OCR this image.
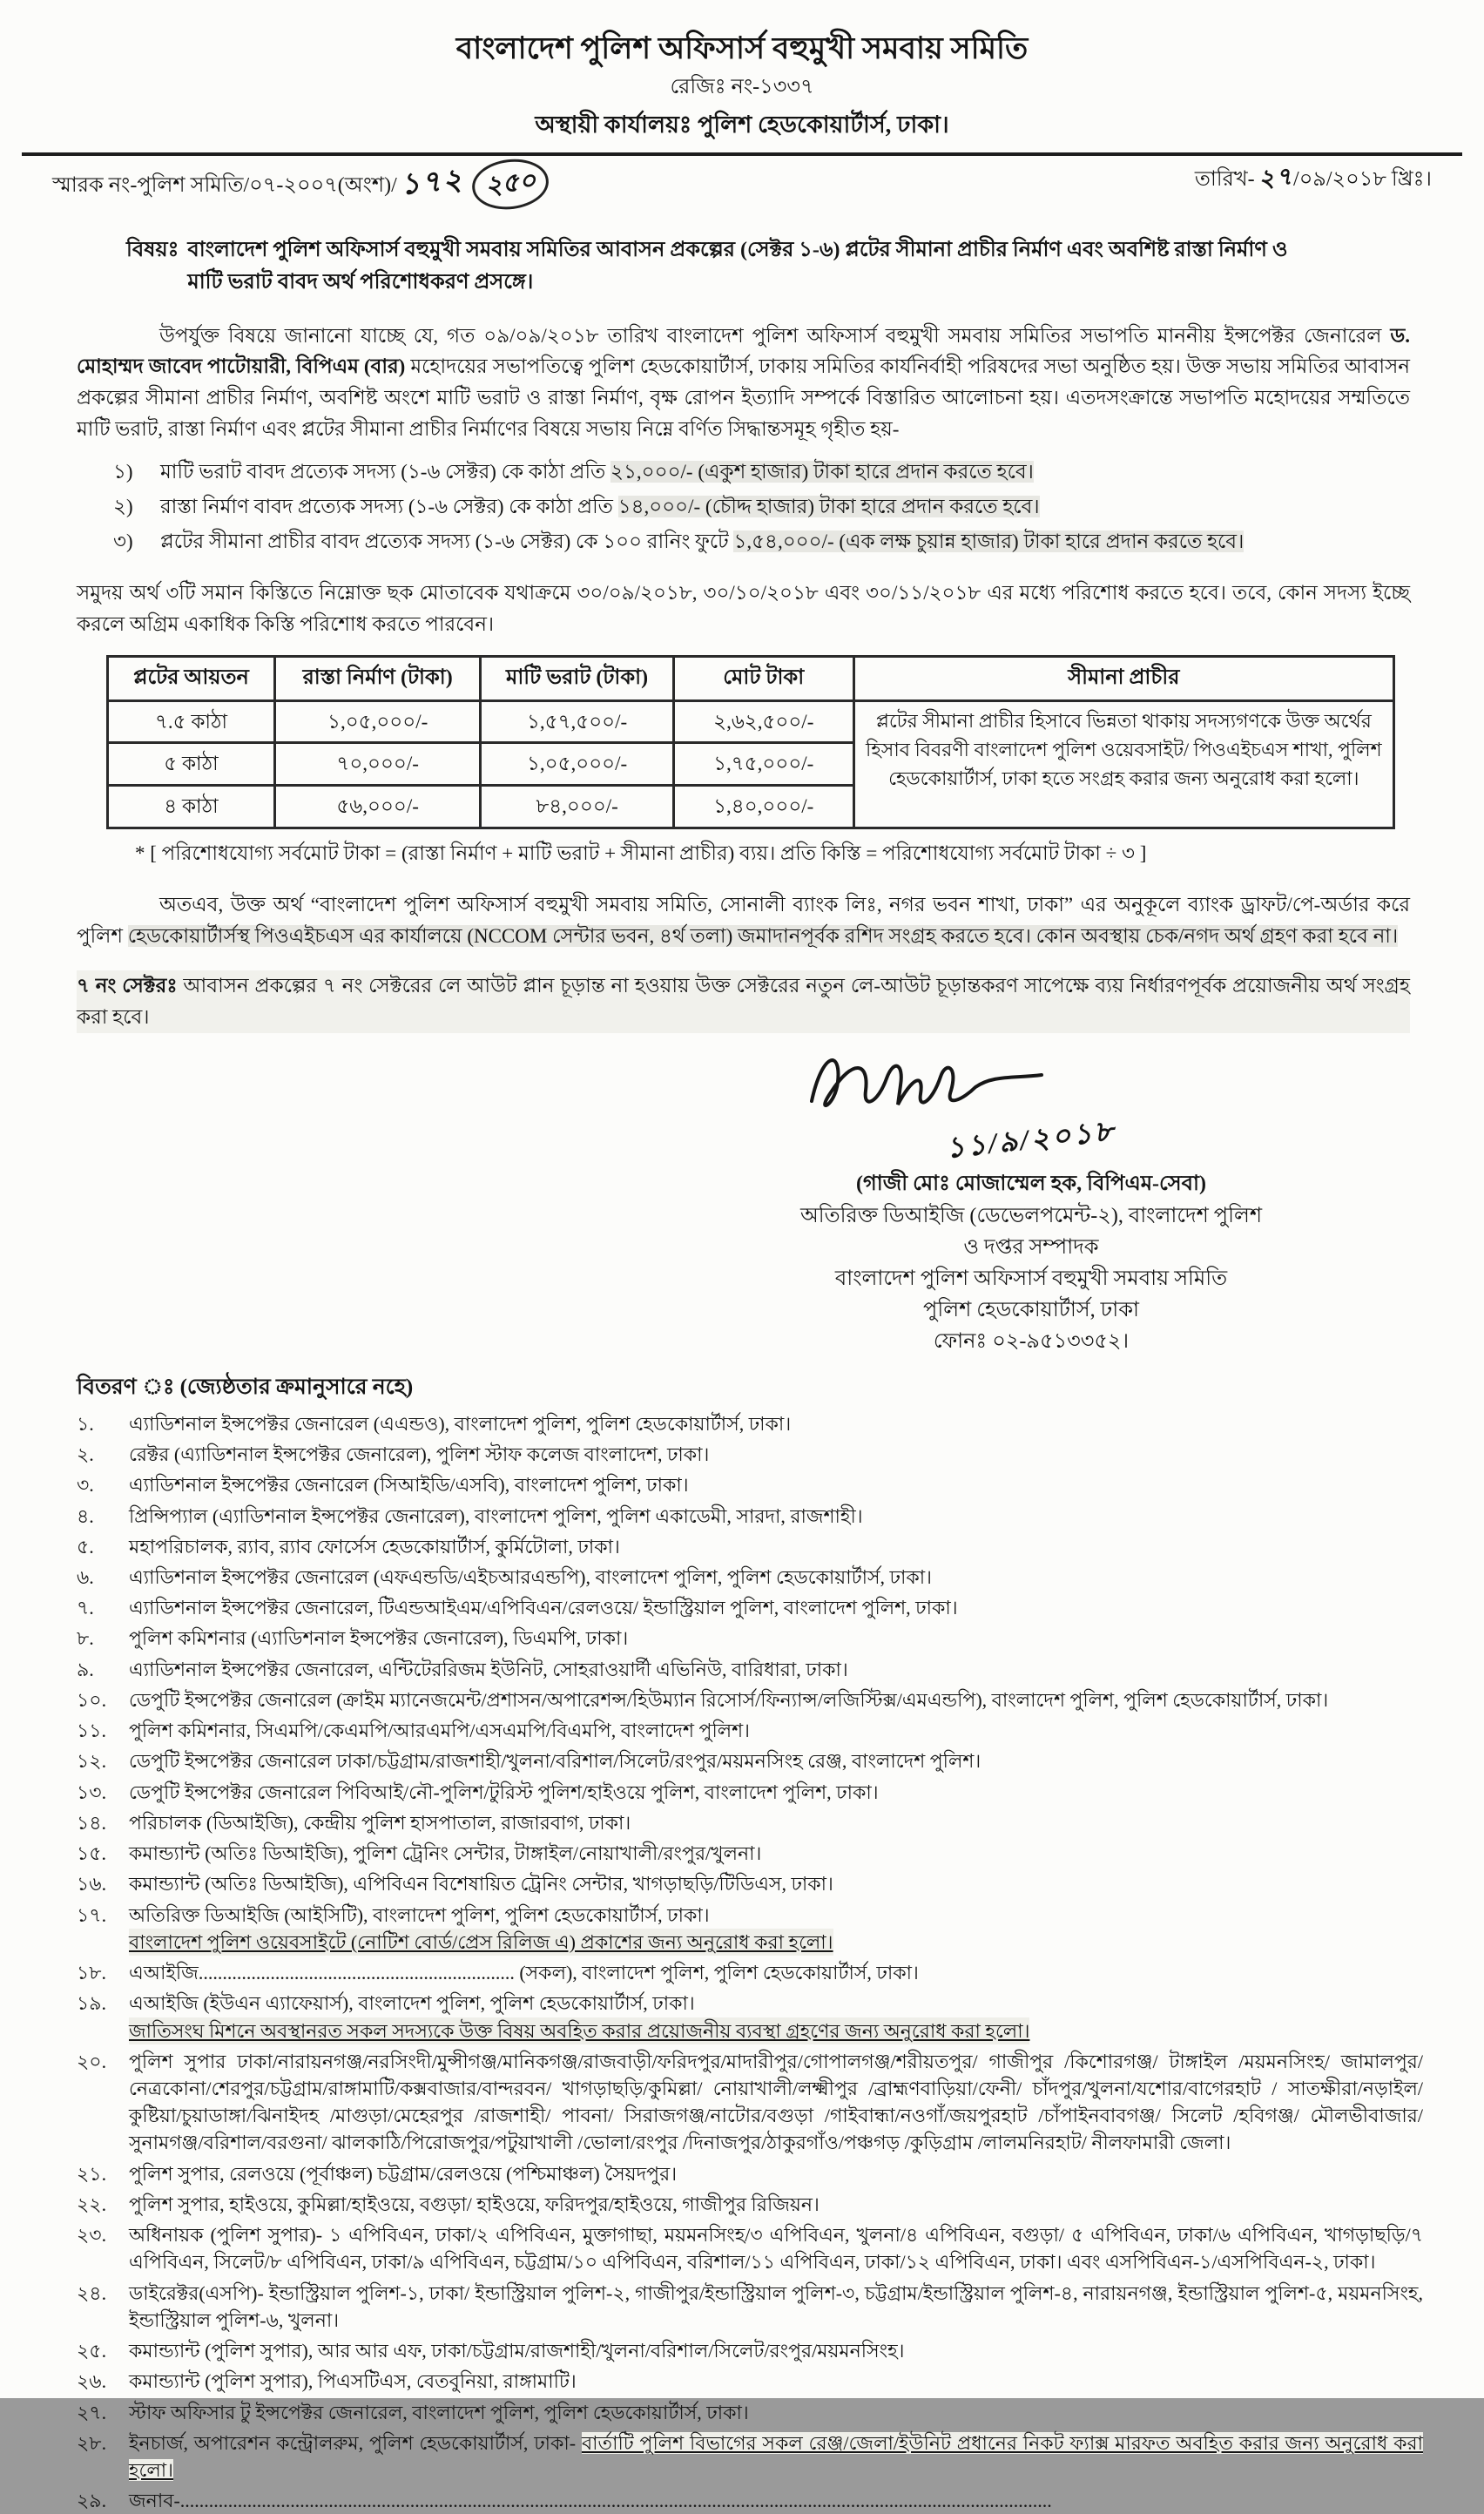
বাংলাদেশ পুলিশ অফিসার্স বহুমুখী সমবায় সমিতি
রেজিঃ নং-১৩৩৭
অস্থায়ী কার্যালয়ঃ পুলিশ হেডকোয়ার্টার্স, ঢাকা।
স্মারক নং-পুলিশ সমিতি/০৭-২০০৭(অংশ)/১৭২ ২৫০	তারিখ-২৭/০৯/২০১৮ খ্রিঃ।
বিষয়ঃ বাংলাদেশ পুলিশ অফিসার্স বহুমুখী সমবায় সমিতির আবাসন প্রকল্পের (সেক্টর ১-৬) প্লটের সীমানা প্রাচীর নির্মাণ এবং অবশিষ্ট রাস্তা নির্মাণ ও মাটি ভরাট বাবদ অর্থ পরিশোধকরণ প্রসঙ্গে।

উপর্যুক্ত বিষয়ে জানানো যাচ্ছে যে, গত ০৯/০৯/২০১৮ তারিখ বাংলাদেশ পুলিশ অফিসার্স বহুমুখী সমবায় সমিতির সভাপতি মাননীয় ইন্সপেক্টর জেনারেল ড. মোহাম্মদ জাবেদ পাটোয়ারী, বিপিএম (বার) মহোদয়ের সভাপতিত্বে পুলিশ হেডকোয়ার্টার্স, ঢাকায় সমিতির কার্যনির্বাহী পরিষদের সভা অনুষ্ঠিত হয়। উক্ত সভায় সমিতির আবাসন প্রকল্পের সীমানা প্রাচীর নির্মাণ, অবশিষ্ট অংশে মাটি ভরাট ও রাস্তা নির্মাণ, বৃক্ষ রোপন ইত্যাদি সম্পর্কে বিস্তারিত আলোচনা হয়। এতদসংক্রান্তে সভাপতি মহোদয়ের সম্মতিতে মাটি ভরাট, রাস্তা নির্মাণ এবং প্লটের সীমানা প্রাচীর নির্মাণের বিষয়ে সভায় নিম্নে বর্ণিত সিদ্ধান্তসমূহ গৃহীত হয়-

১)	মাটি ভরাট বাবদ প্রত্যেক সদস্য (১-৬ সেক্টর) কে কাঠা প্রতি ২১,০০০/- (একুশ হাজার) টাকা হারে প্রদান করতে হবে।
২)	রাস্তা নির্মাণ বাবদ প্রত্যেক সদস্য (১-৬ সেক্টর) কে কাঠা প্রতি ১৪,০০০/- (চৌদ্দ হাজার) টাকা হারে প্রদান করতে হবে।
৩)	প্লটের সীমানা প্রাচীর বাবদ প্রত্যেক সদস্য (১-৬ সেক্টর) কে ১০০ রানিং ফুটে ১,৫৪,০০০/- (এক লক্ষ চুয়ান্ন হাজার) টাকা হারে প্রদান করতে হবে।

সমুদয় অর্থ ৩টি সমান কিস্তিতে নিম্নোক্ত ছক মোতাবেক যথাক্রমে ৩০/০৯/২০১৮, ৩০/১০/২০১৮ এবং ৩০/১১/২০১৮ এর মধ্যে পরিশোধ করতে হবে। তবে, কোন সদস্য ইচ্ছে করলে অগ্রিম একাধিক কিস্তি পরিশোধ করতে পারবেন।

প্লটের আয়তন	রাস্তা নির্মাণ (টাকা)	মাটি ভরাট (টাকা)	মোট টাকা	সীমানা প্রাচীর
৭.৫ কাঠা	১,০৫,০০০/-	১,৫৭,৫০০/-	২,৬২,৫০০/-	প্লটের সীমানা প্রাচীর হিসাবে ভিন্নতা থাকায় সদস্যগণকে উক্ত অর্থের হিসাব বিবরণী বাংলাদেশ পুলিশ ওয়েবসাইট/ পিওএইচএস শাখা, পুলিশ হেডকোয়ার্টার্স, ঢাকা হতে সংগ্রহ করার জন্য অনুরোধ করা হলো।
৫ কাঠা	৭০,০০০/-	১,০৫,০০০/-	১,৭৫,০০০/-	
৪ কাঠা	৫৬,০০০/-	৮৪,০০০/-	১,৪০,০০০/-	
* [ পরিশোধযোগ্য সর্বমোট টাকা = (রাস্তা নির্মাণ + মাটি ভরাট + সীমানা প্রাচীর) ব্যয়। প্রতি কিস্তি = পরিশোধযোগ্য সর্বমোট টাকা ÷ ৩ ]

অতএব, উক্ত অর্থ “বাংলাদেশ পুলিশ অফিসার্স বহুমুখী সমবায় সমিতি, সোনালী ব্যাংক লিঃ, নগর ভবন শাখা, ঢাকা” এর অনুকূলে ব্যাংক ড্রাফট/পে-অর্ডার করে পুলিশ হেডকোয়ার্টার্সস্থ পিওএইচএস এর কার্যালয়ে (NCCOM সেন্টার ভবন, ৪র্থ তলা) জমাদানপূর্বক রশিদ সংগ্রহ করতে হবে। কোন অবস্থায় চেক/নগদ অর্থ গ্রহণ করা হবে না।

৭ নং সেক্টরঃ আবাসন প্রকল্পের ৭ নং সেক্টরের লে আউট প্লান চূড়ান্ত না হওয়ায় উক্ত সেক্টরের নতুন লে-আউট চূড়ান্তকরণ সাপেক্ষে ব্যয় নির্ধারণপূর্বক প্রয়োজনীয় অর্থ সংগ্রহ করা হবে।

১১/৯/২০১৮
(গাজী মোঃ মোজাম্মেল হক, বিপিএম-সেবা)
অতিরিক্ত ডিআইজি (ডেভেলপমেন্ট-২), বাংলাদেশ পুলিশ
ও দপ্তর সম্পাদক
বাংলাদেশ পুলিশ অফিসার্স বহুমুখী সমবায় সমিতি
পুলিশ হেডকোয়ার্টার্স, ঢাকা
ফোনঃ ০২-৯৫১৩৩৫২।
বিতরণ ঃ (জ্যেষ্ঠতার ক্রমানুসারে নহে)
১.	এ্যাডিশনাল ইন্সপেক্টর জেনারেল (এএন্ডও), বাংলাদেশ পুলিশ, পুলিশ হেডকোয়ার্টার্স, ঢাকা।
২.	রেক্টর (এ্যাডিশনাল ইন্সপেক্টর জেনারেল), পুলিশ স্টাফ কলেজ বাংলাদেশ, ঢাকা।
৩.	এ্যাডিশনাল ইন্সপেক্টর জেনারেল (সিআইডি/এসবি), বাংলাদেশ পুলিশ, ঢাকা।
৪.	প্রিন্সিপ্যাল (এ্যাডিশনাল ইন্সপেক্টর জেনারেল), বাংলাদেশ পুলিশ, পুলিশ একাডেমী, সারদা, রাজশাহী।
৫.	মহাপরিচালক, র‌্যাব, র‌্যাব ফোর্সেস হেডকোয়ার্টার্স, কুর্মিটোলা, ঢাকা।
৬.	এ্যাডিশনাল ইন্সপেক্টর জেনারেল (এফএন্ডডি/এইচআরএন্ডপি), বাংলাদেশ পুলিশ, পুলিশ হেডকোয়ার্টার্স, ঢাকা।
৭.	এ্যাডিশনাল ইন্সপেক্টর জেনারেল, টিএন্ডআইএম/এপিবিএন/রেলওয়ে/ ইন্ডাস্ট্রিয়াল পুলিশ, বাংলাদেশ পুলিশ, ঢাকা।
৮.	পুলিশ কমিশনার (এ্যাডিশনাল ইন্সপেক্টর জেনারেল), ডিএমপি, ঢাকা।
৯.	এ্যাডিশনাল ইন্সপেক্টর জেনারেল, এন্টিটেররিজম ইউনিট, সোহরাওয়ার্দী এভিনিউ, বারিধারা, ঢাকা।
১০.	ডেপুটি ইন্সপেক্টর জেনারেল (ক্রাইম ম্যানেজমেন্ট/প্রশাসন/অপারেশন্স/হিউম্যান রিসোর্স/ফিন্যান্স/লজিস্টিক্স/এমএন্ডপি), বাংলাদেশ পুলিশ, পুলিশ হেডকোয়ার্টার্স, ঢাকা।
১১.	পুলিশ কমিশনার, সিএমপি/কেএমপি/আরএমপি/এসএমপি/বিএমপি, বাংলাদেশ পুলিশ।
১২.	ডেপুটি ইন্সপেক্টর জেনারেল ঢাকা/চট্টগ্রাম/রাজশাহী/খুলনা/বরিশাল/সিলেট/রংপুর/ময়মনসিংহ রেঞ্জ, বাংলাদেশ পুলিশ।
১৩.	ডেপুটি ইন্সপেক্টর জেনারেল পিবিআই/নৌ-পুলিশ/টুরিস্ট পুলিশ/হাইওয়ে পুলিশ, বাংলাদেশ পুলিশ, ঢাকা।
১৪.	পরিচালক (ডিআইজি), কেন্দ্রীয় পুলিশ হাসপাতাল, রাজারবাগ, ঢাকা।
১৫.	কমান্ড্যান্ট (অতিঃ ডিআইজি), পুলিশ ট্রেনিং সেন্টার, টাঙ্গাইল/নোয়াখালী/রংপুর/খুলনা।
১৬.	কমান্ড্যান্ট (অতিঃ ডিআইজি), এপিবিএন বিশেষায়িত ট্রেনিং সেন্টার, খাগড়াছড়ি/টিডিএস, ঢাকা।
১৭.	অতিরিক্ত ডিআইজি (আইসিটি), বাংলাদেশ পুলিশ, পুলিশ হেডকোয়ার্টার্স, ঢাকা।
বাংলাদেশ পুলিশ ওয়েবসাইটে (নোটিশ বোর্ড/প্রেস রিলিজ এ) প্রকাশের জন্য অনুরোধ করা হলো।
১৮.	এআইজি.................................................................. (সকল), বাংলাদেশ পুলিশ, পুলিশ হেডকোয়ার্টার্স, ঢাকা।
১৯.	এআইজি (ইউএন এ্যাফেয়ার্স), বাংলাদেশ পুলিশ, পুলিশ হেডকোয়ার্টার্স, ঢাকা।
জাতিসংঘ মিশনে অবস্থানরত সকল সদস্যকে উক্ত বিষয় অবহিত করার প্রয়োজনীয় ব্যবস্থা গ্রহণের জন্য অনুরোধ করা হলো।
২০.	পুলিশ সুপার ঢাকা/নারায়নগঞ্জ/নরসিংদী/মুন্সীগঞ্জ/মানিকগঞ্জ/রাজবাড়ী/ফরিদপুর/মাদারীপুর/গোপালগঞ্জ/শরীয়তপুর/ গাজীপুর /কিশোরগঞ্জ/ টাঙ্গাইল /ময়মনসিংহ/ জামালপুর/নেত্রকোনা/শেরপুর/চট্টগ্রাম/রাঙ্গামাটি/কক্সবাজার/বান্দরবন/ খাগড়াছড়ি/কুমিল্লা/ নোয়াখালী/লক্ষ্মীপুর /ব্রাহ্মণবাড়িয়া/ফেনী/ চাঁদপুর/খুলনা/যশোর/বাগেরহাট / সাতক্ষীরা/নড়াইল/ কুষ্টিয়া/চুয়াডাঙ্গা/ঝিনাইদহ /মাগুড়া/মেহেরপুর /রাজশাহী/ পাবনা/ সিরাজগঞ্জ/নাটোর/বগুড়া /গাইবান্ধা/নওগাঁ/জয়পুরহাট /চাঁপাইনবাবগঞ্জ/ সিলেট /হবিগঞ্জ/ মৌলভীবাজার/সুনামগঞ্জ/বরিশাল/বরগুনা/ ঝালকাঠি/পিরোজপুর/পটুয়াখালী /ভোলা/রংপুর /দিনাজপুর/ঠাকুরগাঁও/পঞ্চগড় /কুড়িগ্রাম /লালমনিরহাট/ নীলফামারী জেলা।
২১.	পুলিশ সুপার, রেলওয়ে (পূর্বাঞ্চল) চট্টগ্রাম/রেলওয়ে (পশ্চিমাঞ্চল) সৈয়দপুর।
২২.	পুলিশ সুপার, হাইওয়ে, কুমিল্লা/হাইওয়ে, বগুড়া/ হাইওয়ে, ফরিদপুর/হাইওয়ে, গাজীপুর রিজিয়ন।
২৩.	অধিনায়ক (পুলিশ সুপার)- ১ এপিবিএন, ঢাকা/২ এপিবিএন, মুক্তাগাছা, ময়মনসিংহ/৩ এপিবিএন, খুলনা/৪ এপিবিএন, বগুড়া/ ৫ এপিবিএন, ঢাকা/৬ এপিবিএন, খাগড়াছড়ি/৭ এপিবিএন, সিলেট/৮ এপিবিএন, ঢাকা/৯ এপিবিএন, চট্টগ্রাম/১০ এপিবিএন, বরিশাল/১১ এপিবিএন, ঢাকা/১২ এপিবিএন, ঢাকা। এবং এসপিবিএন-১/এসপিবিএন-২, ঢাকা।
২৪.	ডাইরেক্টর(এসপি)- ইন্ডাস্ট্রিয়াল পুলিশ-১, ঢাকা/ ইন্ডাস্ট্রিয়াল পুলিশ-২, গাজীপুর/ইন্ডাস্ট্রিয়াল পুলিশ-৩, চট্টগ্রাম/ইন্ডাস্ট্রিয়াল পুলিশ-৪, নারায়নগঞ্জ, ইন্ডাস্ট্রিয়াল পুলিশ-৫, ময়মনসিংহ, ইন্ডাস্ট্রিয়াল পুলিশ-৬, খুলনা।
২৫.	কমান্ড্যান্ট (পুলিশ সুপার), আর আর এফ, ঢাকা/চট্টগ্রাম/রাজশাহী/খুলনা/বরিশাল/সিলেট/রংপুর/ময়মনসিংহ।
২৬.	কমান্ড্যান্ট (পুলিশ সুপার), পিএসটিএস, বেতবুনিয়া, রাঙ্গামাটি।
২৭.	স্টাফ অফিসার টু ইন্সপেক্টর জেনারেল, বাংলাদেশ পুলিশ, পুলিশ হেডকোয়ার্টার্স, ঢাকা।
২৮.	ইনচার্জ, অপারেশন কন্ট্রোলরুম, পুলিশ হেডকোয়ার্টার্স, ঢাকা- বার্তাটি পুলিশ বিভাগের সকল রেঞ্জ/জেলা/ইউনিট প্রধানের নিকট ফ্যাক্স মারফত অবহিত করার জন্য অনুরোধ করা হলো।
২৯.	জনাব-......................................................................................................................................................................................
